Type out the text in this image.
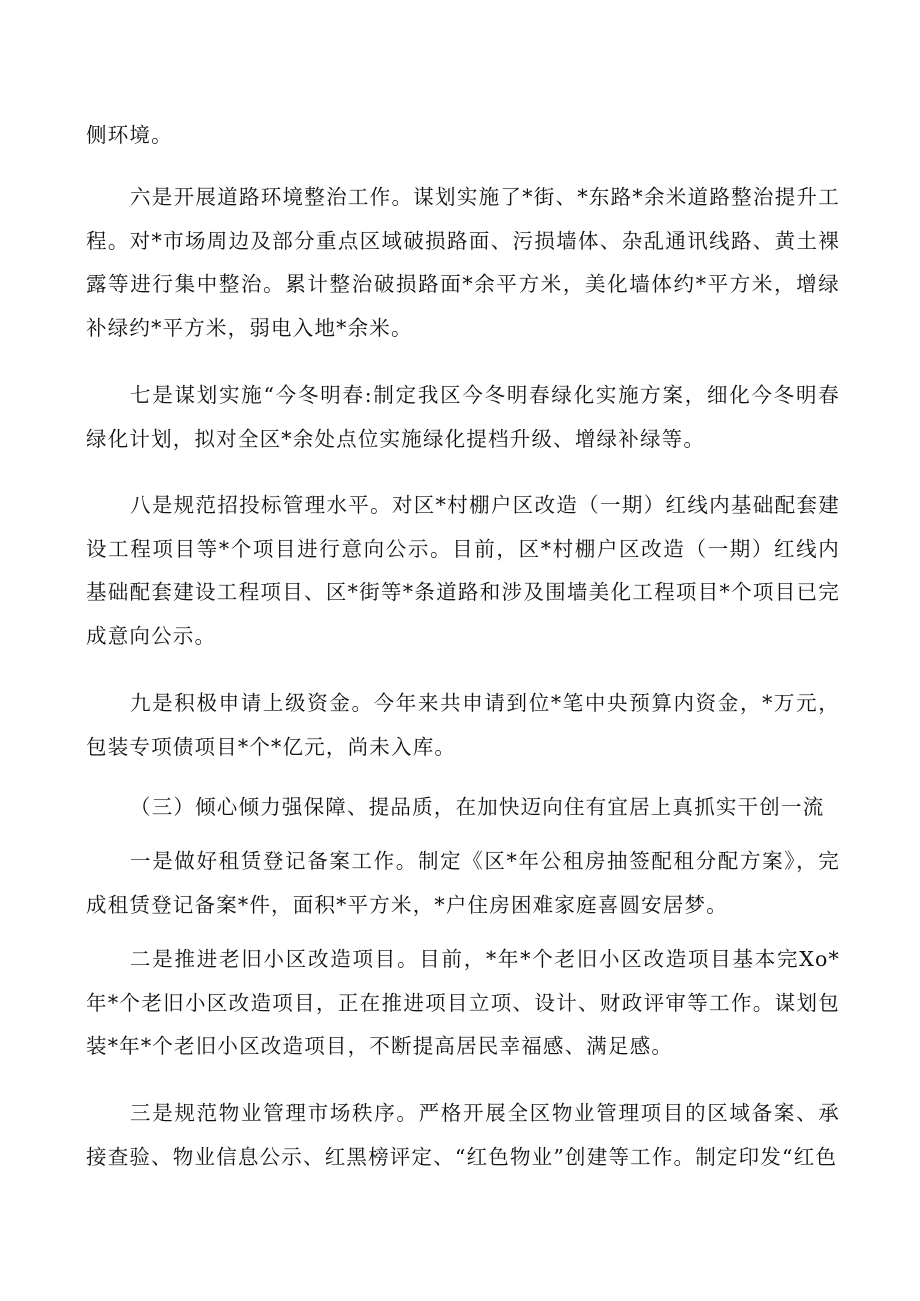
侧环境。

六是开展道路环境整治工作。谋划实施了*街、*东路*余米道路整治提升工程。对*市场周边及部分重点区域破损路面、污损墙体、杂乱通讯线路、黄土裸露等进行集中整治。累计整治破损路面*余平方米，美化墙体约*平方米，增绿补绿约*平方米，弱电入地*余米。

七是谋划实施“今冬明春:制定我区今冬明春绿化实施方案，细化今冬明春绿化计划，拟对全区*余处点位实施绿化提档升级、增绿补绿等。

八是规范招投标管理水平。对区*村棚户区改造（一期）红线内基础配套建设工程项目等*个项目进行意向公示。目前，区*村棚户区改造（一期）红线内基础配套建设工程项目、区*街等*条道路和涉及围墙美化工程项目*个项目已完成意向公示。

九是积极申请上级资金。今年来共申请到位*笔中央预算内资金，*万元，包装专项债项目*个*亿元，尚未入库。

（三）倾心倾力强保障、提品质，在加快迈向住有宜居上真抓实干创一流

一是做好租赁登记备案工作。制定《区*年公租房抽签配租分配方案》，完成租赁登记备案*件，面积*平方米，*户住房困难家庭喜圆安居梦。

二是推进老旧小区改造项目。目前，*年*个老旧小区改造项目基本完Xo*年*个老旧小区改造项目，正在推进项目立项、设计、财政评审等工作。谋划包装*年*个老旧小区改造项目，不断提高居民幸福感、满足感。

三是规范物业管理市场秩序。严格开展全区物业管理项目的区域备案、承接查验、物业信息公示、红黑榜评定、“红色物业”创建等工作。制定印发“红色
